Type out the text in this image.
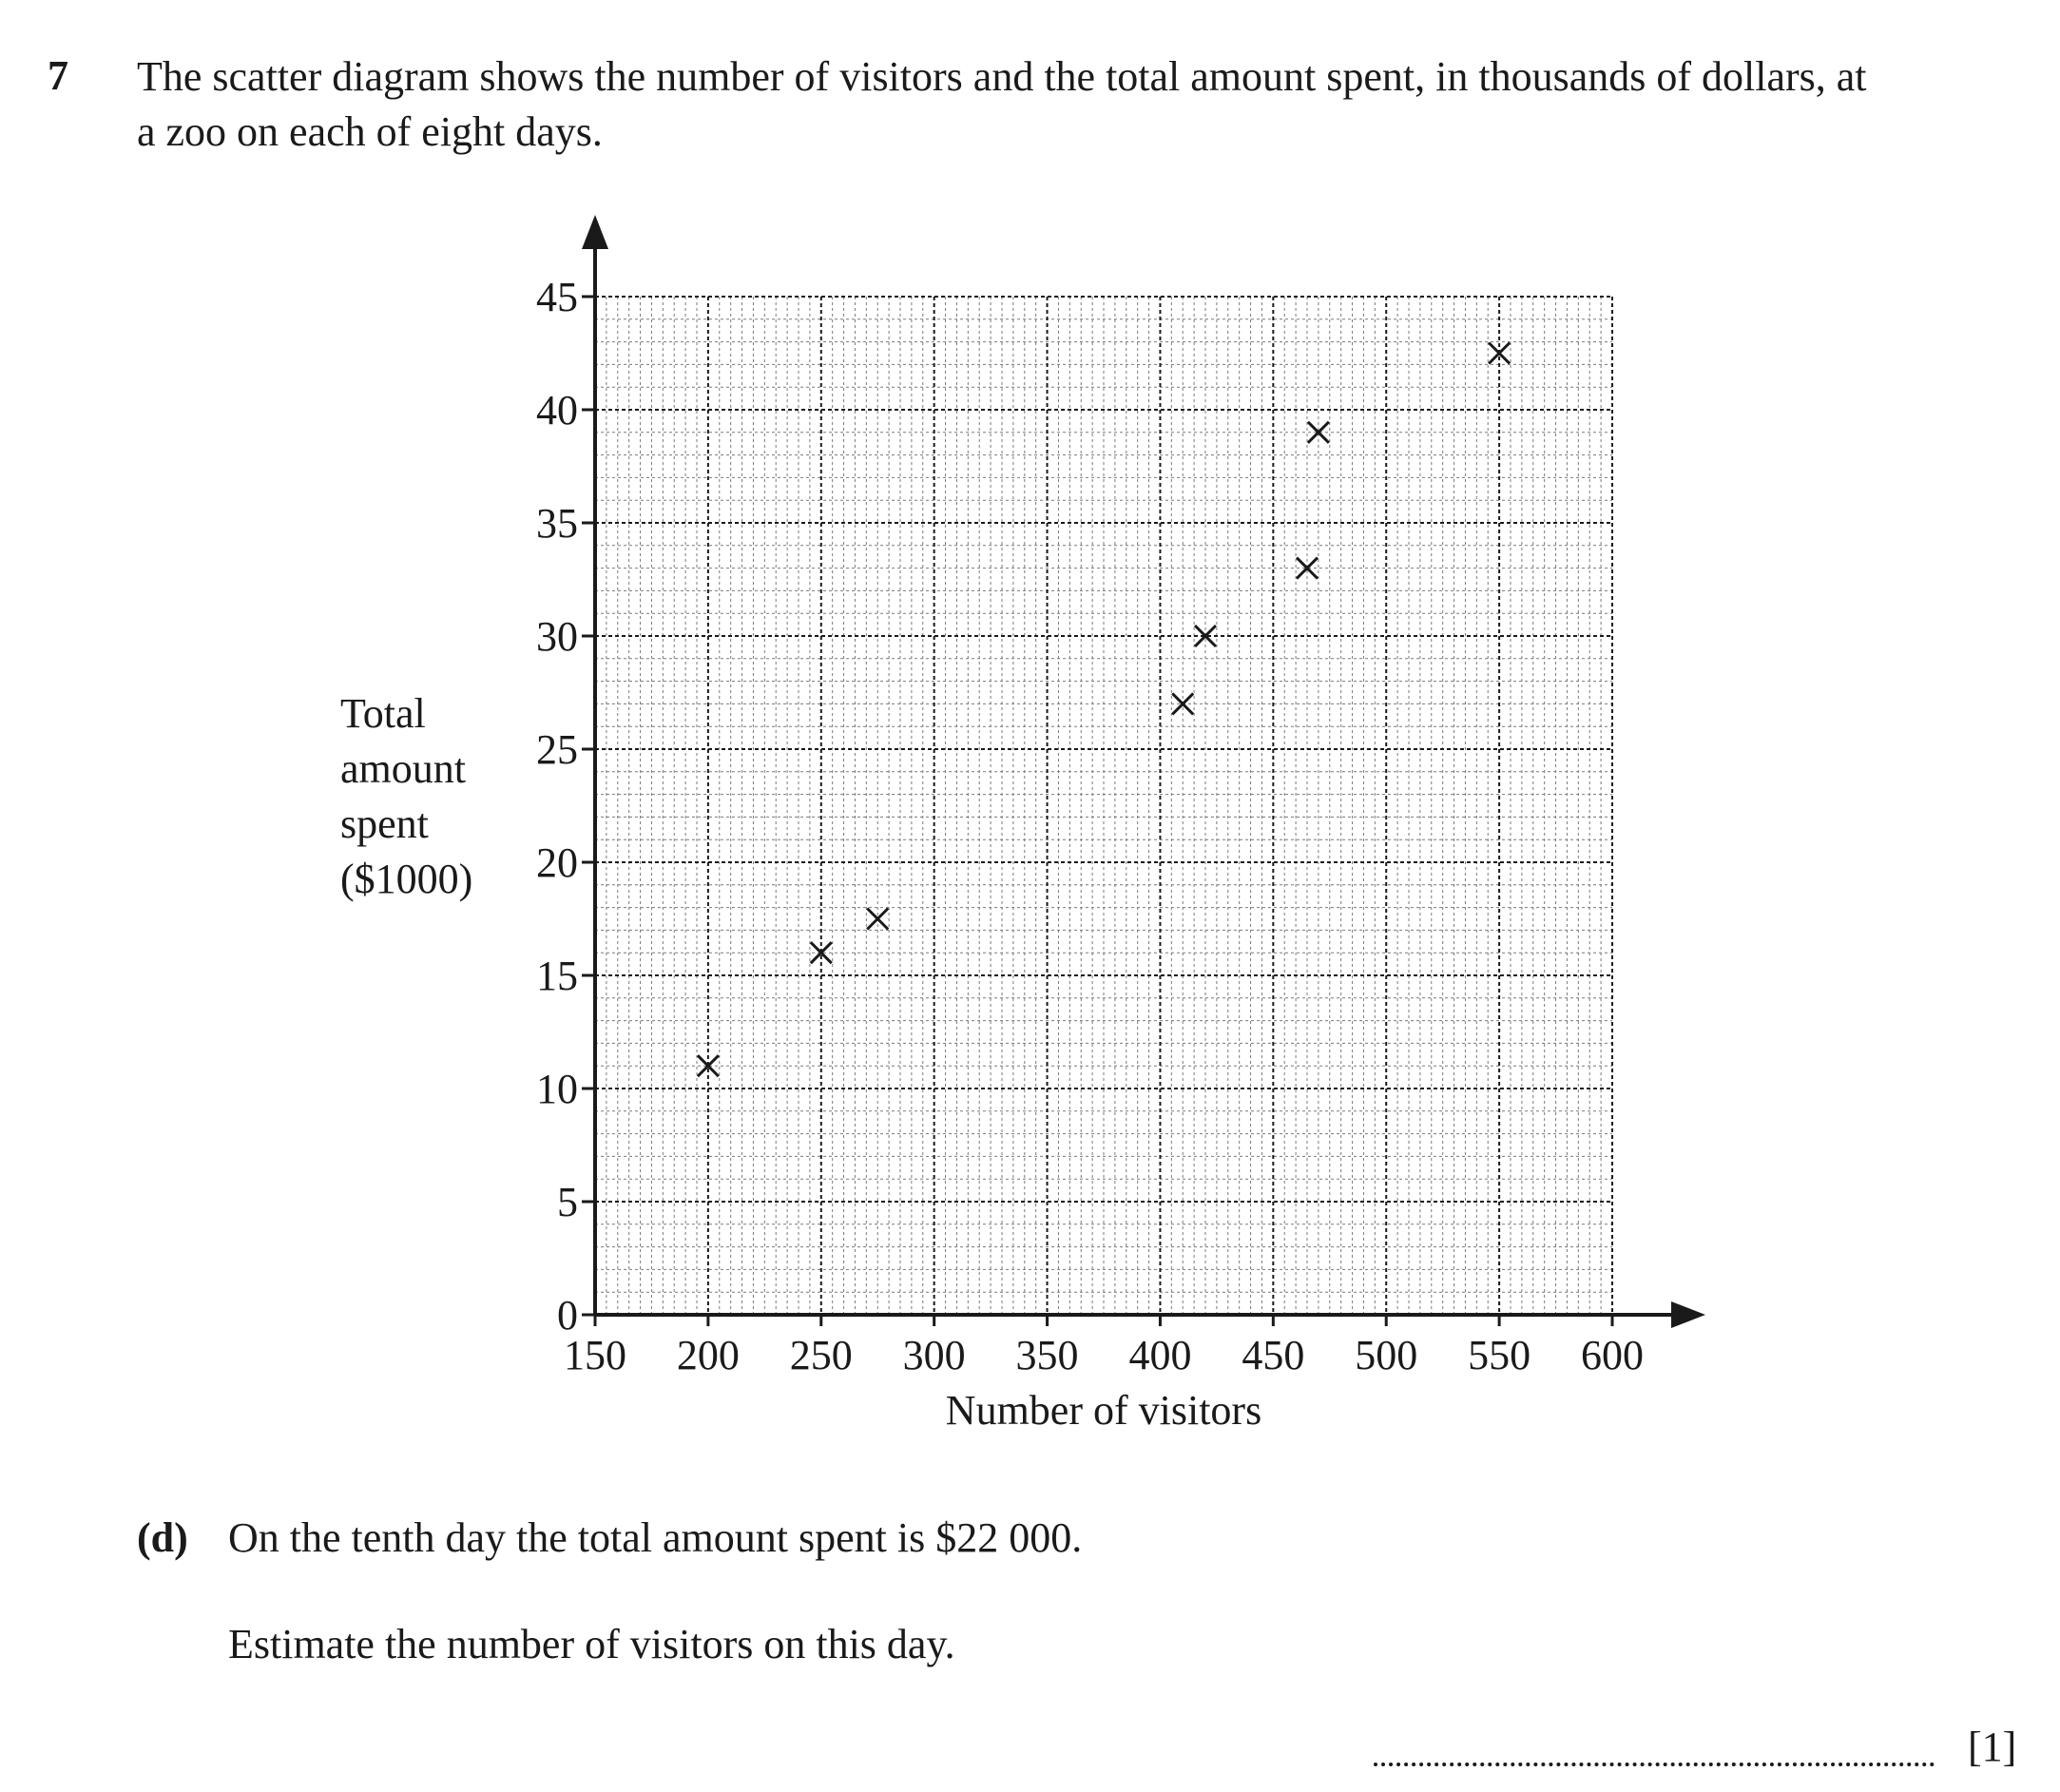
7 The scatter diagram shows the number of visitors and the total amount spent, in thousands of dollars, at
a zoo on each of eight days.
150 200 250 300 350 400 450 500 550 600
0
5
10
15
20
25
30
35
40
45
Number of visitors
Total amount spent ($1000)
(d) On the tenth day the total amount spent is $22 000.
Estimate the number of visitors on this day.
[1]
